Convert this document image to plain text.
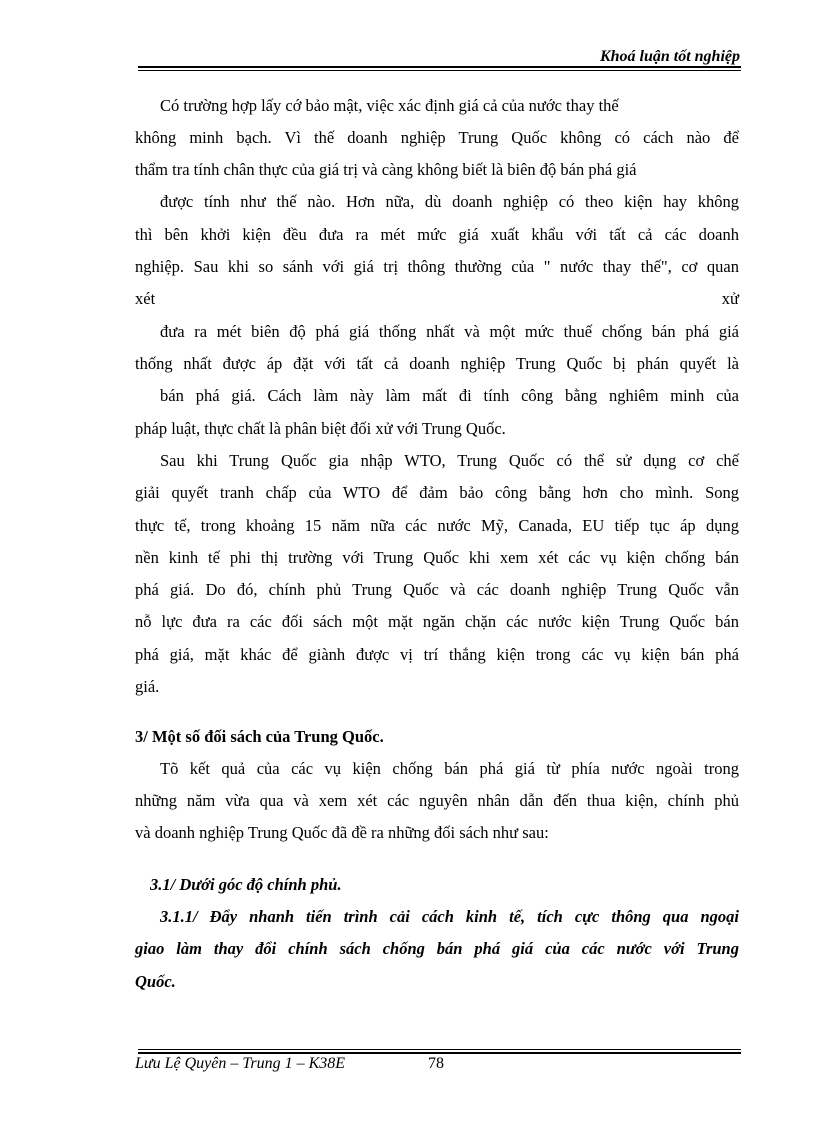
Khoá luận tốt nghiệp
Có trường hợp lấy cớ bảo mật, việc xác định giá cả của nước thay thế
không minh bạch. Vì thế doanh nghiệp Trung Quốc không có cách nào để
thẩm tra tính chân thực của giá trị và càng không biết là biên độ bán phá giá
được tính như thế nào. Hơn nữa, dù doanh nghiệp có theo kiện hay không
thì bên khởi kiện đều đưa ra mét mức giá xuất khẩu với tất cả các doanh
nghiệp. Sau khi so sánh với giá trị thông thường của " nước thay thế", cơ quan
xét	xử
đưa ra mét biên độ phá giá thống nhất và một mức thuế chống bán phá giá
thống nhất được áp đặt với tất cả doanh nghiệp Trung Quốc bị phán quyết là
bán phá giá. Cách làm này làm mất đi tính công bằng nghiêm minh của
pháp luật, thực chất là phân biệt đối xử với Trung Quốc.
Sau khi Trung Quốc gia nhập WTO, Trung Quốc có thể sử dụng cơ chế
giải quyết tranh chấp của WTO để đảm bảo công bằng hơn cho mình. Song
thực tế, trong khoảng 15 năm nữa các nước Mỹ, Canada, EU tiếp tục áp dụng
nền kinh tế phi thị trường với Trung Quốc khi xem xét các vụ kiện chống bán
phá giá. Do đó, chính phủ Trung Quốc và các doanh nghiệp Trung Quốc vẫn
nỗ lực đưa ra các đối sách một mặt ngăn chặn các nước kiện Trung Quốc bán
phá giá, mặt khác để giành được vị trí thắng kiện trong các vụ kiện bán phá
giá.
3/ Một số đối sách của Trung Quốc.
Tõ kết quả của các vụ kiện chống bán phá giá từ phía nước ngoài trong
những năm vừa qua và xem xét các nguyên nhân dẫn đến thua kiện, chính phủ
và doanh nghiệp Trung Quốc đã đề ra những đối sách như sau:
3.1/ Dưới góc độ chính phủ.
3.1.1/ Đẩy nhanh tiến trình cải cách kinh tế, tích cực thông qua ngoại
giao làm thay đổi chính sách chống bán phá giá của các nước với Trung
Quốc.
Lưu Lệ Quyên – Trung 1 – K38E	78
